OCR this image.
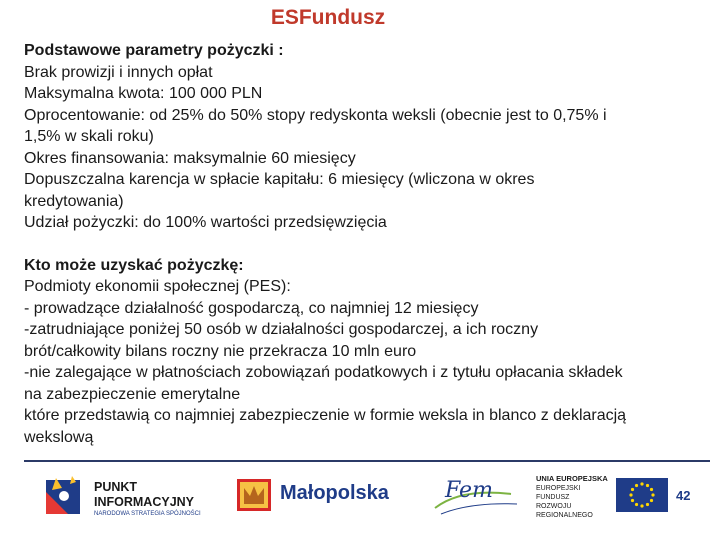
ESFundusz

Podstawowe parametry pożyczki :

Brak prowizji i innych opłat

Maksymalna kwota: 100 000 PLN

Oprocentowanie: od 25% do 50% stopy redyskonta weksli (obecnie jest to 0,75% i

1,5% w skali roku)

Okres finansowania: maksymalnie 60 miesięcy

Dopuszczalna karencja w spłacie kapitału: 6 miesięcy (wliczona w okres

kredytowania)

Udział pożyczki: do 100% wartości przedsięwzięcia

Kto może uzyskać pożyczkę:

Podmioty ekonomii społecznej (PES):

- prowadzące działalność gospodarczą, co najmniej 12 miesięcy

-zatrudniające poniżej 50 osób w działalności gospodarczej, a ich roczny

brót/całkowity bilans roczny nie przekracza 10 mln euro

-nie zalegające w płatnościach zobowiązań podatkowych i z tytułu opłacania składek

na zabezpieczenie emerytalne

które przedstawią co najmniej zabezpieczenie w formie weksla in blanco z deklaracją

wekslową

PUNKT
INFORMACYJNY
NARODOWA STRATEGIA SPÓJNOŚCI
Małopolska	Fem	UNIA EUROPEJSKA
EUROPEJSKI FUNDUSZ
ROZWOJU REGIONALNEGO
42
